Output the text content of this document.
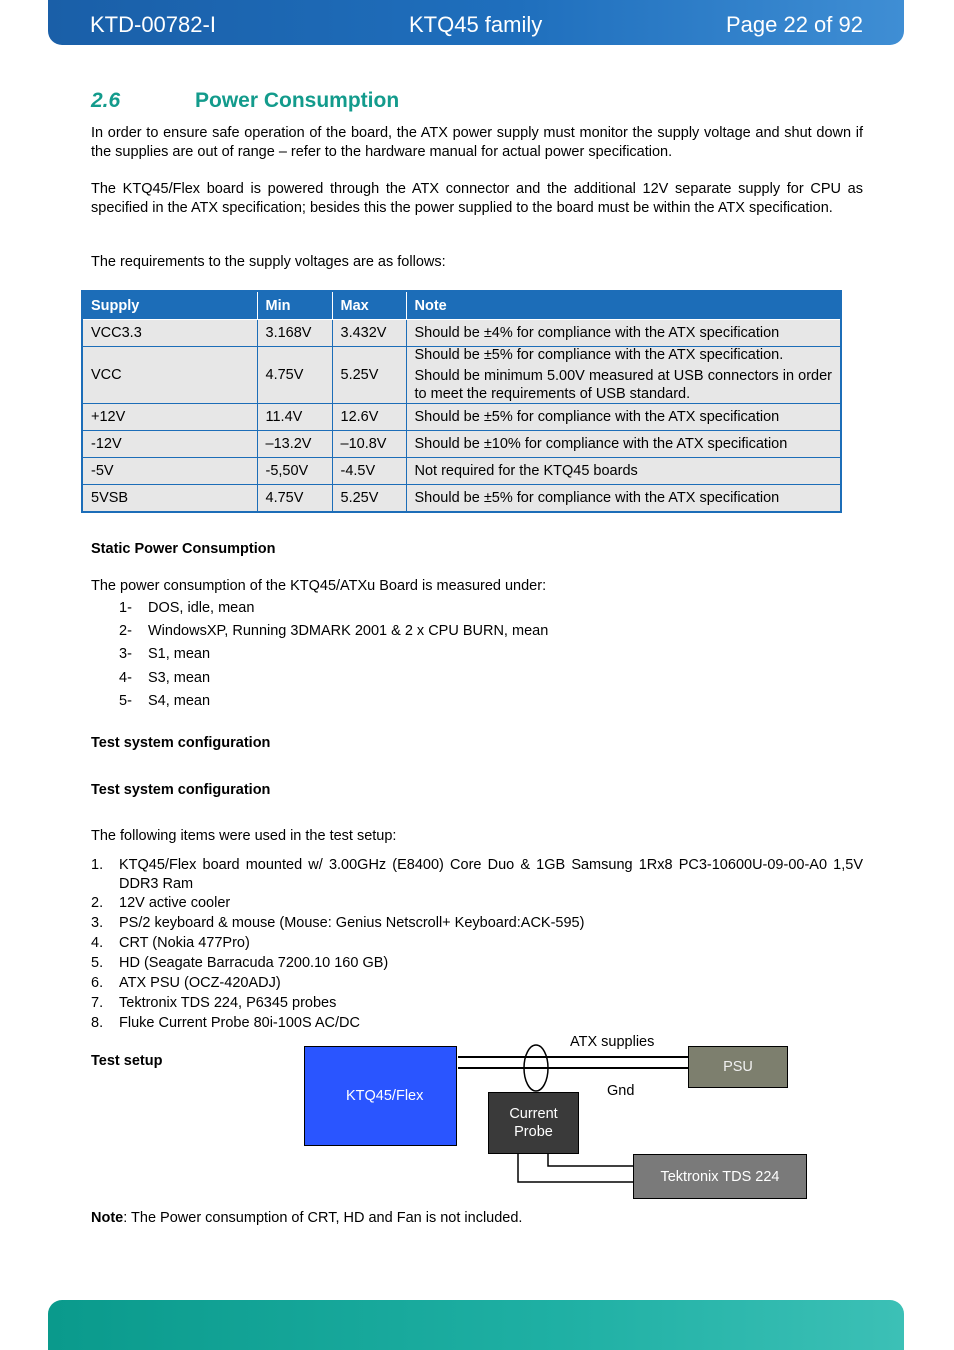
KTD-00782-I	KTQ45 family	Page 22 of 92
2.6	Power Consumption
In order to ensure safe operation of the board, the ATX power supply must monitor the supply voltage and shut down if the supplies are out of range – refer to the hardware manual for actual power specification.
The KTQ45/Flex board is powered through the ATX connector and the additional 12V separate supply for CPU as specified in the ATX specification; besides this the power supplied to the board must be within the ATX specification.
The requirements to the supply voltages are as follows:
Supply	Min	Max	Note
VCC3.3	3.168V	3.432V	Should be ±4% for compliance with the ATX specification
VCC	4.75V	5.25V	Should be ±5% for compliance with the ATX specification.
Should be minimum 5.00V measured at USB connectors in order to meet the requirements of USB standard.

+12V	11.4V	12.6V	Should be ±5% for compliance with the ATX specification
-12V	–13.2V	–10.8V	Should be ±10% for compliance with the ATX specification
-5V	-5,50V	-4.5V	Not required for the KTQ45 boards
5VSB	4.75V	5.25V	Should be ±5% for compliance with the ATX specification
Static Power Consumption
The power consumption of the KTQ45/ATXu Board is measured under:
1- DOS, idle, mean
2- WindowsXP, Running 3DMARK 2001 & 2 x CPU BURN, mean
3- S1, mean
4- S3, mean
5- S4, mean
Test system configuration
Test system configuration
The following items were used in the test setup:
1. KTQ45/Flex board mounted w/ 3.00GHz (E8400) Core Duo & 1GB Samsung 1Rx8 PC3-10600U-09-00-A0 1,5V DDR3 Ram
2. 12V active cooler
3. PS/2 keyboard & mouse (Mouse: Genius Netscroll+ Keyboard:ACK-595)
4. CRT (Nokia 477Pro)
5. HD (Seagate Barracuda 7200.10 160 GB)
6. ATX PSU (OCZ-420ADJ)
7. Tektronix TDS 224, P6345 probes
8. Fluke Current Probe 80i-100S AC/DC
Test setup
KTQ45/Flex
PSU
Current Probe
Tektronix TDS 224
ATX supplies
Gnd
Note: The Power consumption of CRT, HD and Fan is not included.
